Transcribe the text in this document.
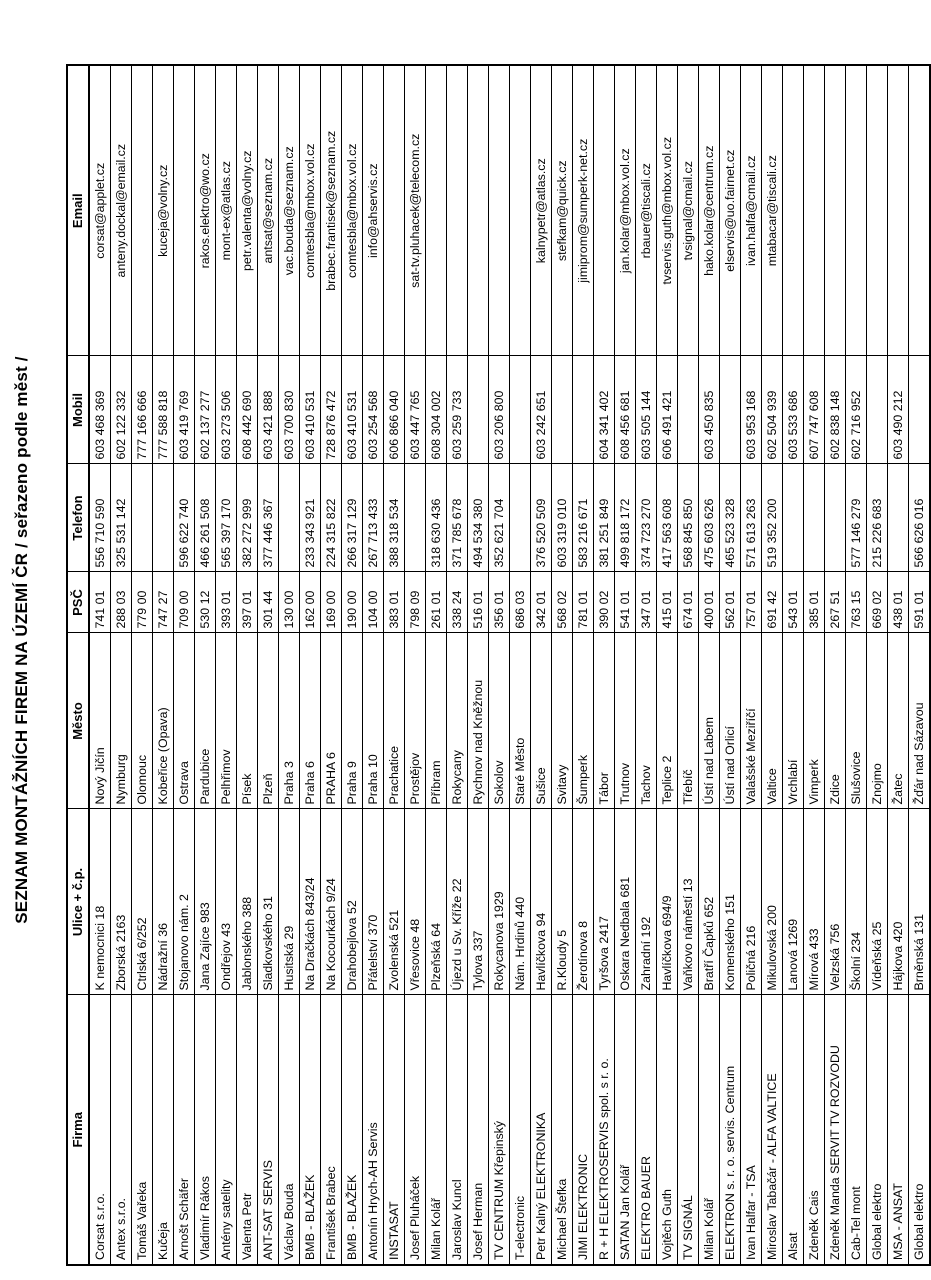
SEZNAM MONTÁŽNÍCH FIREM NA ÚZEMÍ ČR / seřazeno podle měst /
Firma	Ulice + č.p.	Město	PSČ	Telefon	Mobil	Email
Corsat s.r.o.	K nemocnici 18	Nový Jičín	741 01	556 710 590	603 468 369	corsat@applet.cz
Antex s.r.o.	Zborská 2163	Nymburg	288 03	325 531 142	602 122 332	anteny.dockal@email.cz
Tomáš Vařeka	Ctrlská 6/252	Olomouc	779 00		777 166 666	
Kučeja	Nádražní 36	Kobeřice (Opava)	747 27		777 588 818	kuceja@volny.cz
Arnošt Schäfer	Stojanovo nám. 2	Ostrava	709 00	596 622 740	603 419 769	
Vladimír Rákos	Jana Zajíce 983	Pardubice	530 12	466 261 508	602 137 277	rakos.elektro@wo.cz
Antény satelity	Ondřejov 43	Pelhřimov	393 01	565 397 170	603 273 506	mont-ex@atlas.cz
Valenta Petr	Jablonského 388	Písek	397 01	382 272 999	608 442 690	petr.valenta@volny.cz
ANT-SAT SERVIS	Sladkovského 31	Plzeň	301 44	377 446 367	603 421 888	antsat@seznam.cz
Václav Bouda	Husitská 29	Praha 3	130 00		603 700 830	vac.bouda@seznam.cz
BMB - BLAŽEK	Na Dračkách 843/24	Praha 6	162 00	233 343 921	603 410 531	comtesbla@mbox.vol.cz
František Brabec	Na Kocourkách 9/24	PRAHA 6	169 00	224 315 822	728 876 472	brabec.frantisek@seznam.cz
BMB - BLAŽEK	Drahobejlova 52	Praha 9	190 00	266 317 129	603 410 531	comtesbla@mbox.vol.cz
Antonín Hrych-AH Servis	Přátelství 370	Praha 10	104 00	267 713 433	603 254 568	info@ahservis.cz
INSTASAT	Zvolenská 521	Prachatice	383 01	388 318 534	606 866 040	
Josef Pluháček	Vřesovice 48	Prostějov	798 09		603 447 765	sat-tv.pluhacek@telecom.cz
Milan Kolář	Plzeňská 64	Příbram	261 01	318 630 436	608 304 002	
Jaroslav Kuncl	Újezd u Sv. Kříže 22	Rokycany	338 24	371 785 678	603 259 733	
Josef Herman	Tylova 337	Rychnov nad Kněžnou	516 01	494 534 380		
TV CENTRUM Křepinský	Rokycanova 1929	Sokolov	356 01	352 621 704	603 206 800	
T-electronic	Nám. Hrdinů 440	Staré Město	686 03			
Petr Kalný ELEKTRONIKA	Havlíčkova 94	Sušice	342 01	376 520 509	603 242 651	kalnypetr@atlas.cz
Michael Štefka	R.Kloudy 5	Svitavy	568 02	603 319 010		stefkam@quick.cz
JIMI ELEKTRONIC	Žerotínova 8	Šumperk	781 01	583 216 671		jimiprom@sumperk-net.cz
R + H ELEKTROSERVIS spol. s r. o.	Tyršova 2417	Tábor	390 02	381 251 849	604 341 402	
SATAN Jan Kolář	Oskara Nedbala 681	Trutnov	541 01	499 818 172	608 456 681	jan.kolar@mbox.vol.cz
ELEKTRO BAUER	Zahradní 192	Tachov	347 01	374 723 270	603 505 144	rbauer@tiscali.cz
Vojtěch Guth	Havlíčkova 694/9	Teplice 2	415 01	417 563 608	606 491 421	tvservis.guth@mbox.vol.cz
TV SIGNÁL	Vaňkovo náměstí 13	Třebíč	674 01	568 845 850		tvsignal@cmail.cz
Milan Kolář	Bratří Čapků 652	Ústí nad Labem	400 01	475 603 626	603 450 835	hako.kolar@centrum.cz
ELEKTRON s. r. o. servis. Centrum	Komenského 151	Ústí nad Orlicí	562 01	465 523 328		elservis@uo.fairnet.cz
Ivan Halfar - TSA	Poličná 216	Valašské Meziříčí	757 01	571 613 263	603 953 168	ivan.halfa@cmail.cz
Miroslav Tabačár - ALFA VALTICE	Mikulovská 200	Valtice	691 42	519 352 200	602 504 939	mtabacar@tiscali.cz
Alsat	Lanová 1269	Vrchlabí	543 01		603 533 686	
Zdeněk Cais	Mírová 433	Vimperk	385 01		607 747 608	
Zdeněk Manda SERVIT TV ROZVODU	Velzská 756	Zdice	267 51		602 838 148	
Cab-Tel mont	Školní 234	Slušovice	763 15	577 146 279	602 716 952	
Global elektro	Vídeňská 25	Znojmo	669 02	215 226 683		
MSA - ANSAT	Hájkova 420	Žatec	438 01		603 490 212	
Global elektro	Brněnská 131	Žďár nad Sázavou	591 01	566 626 016		
